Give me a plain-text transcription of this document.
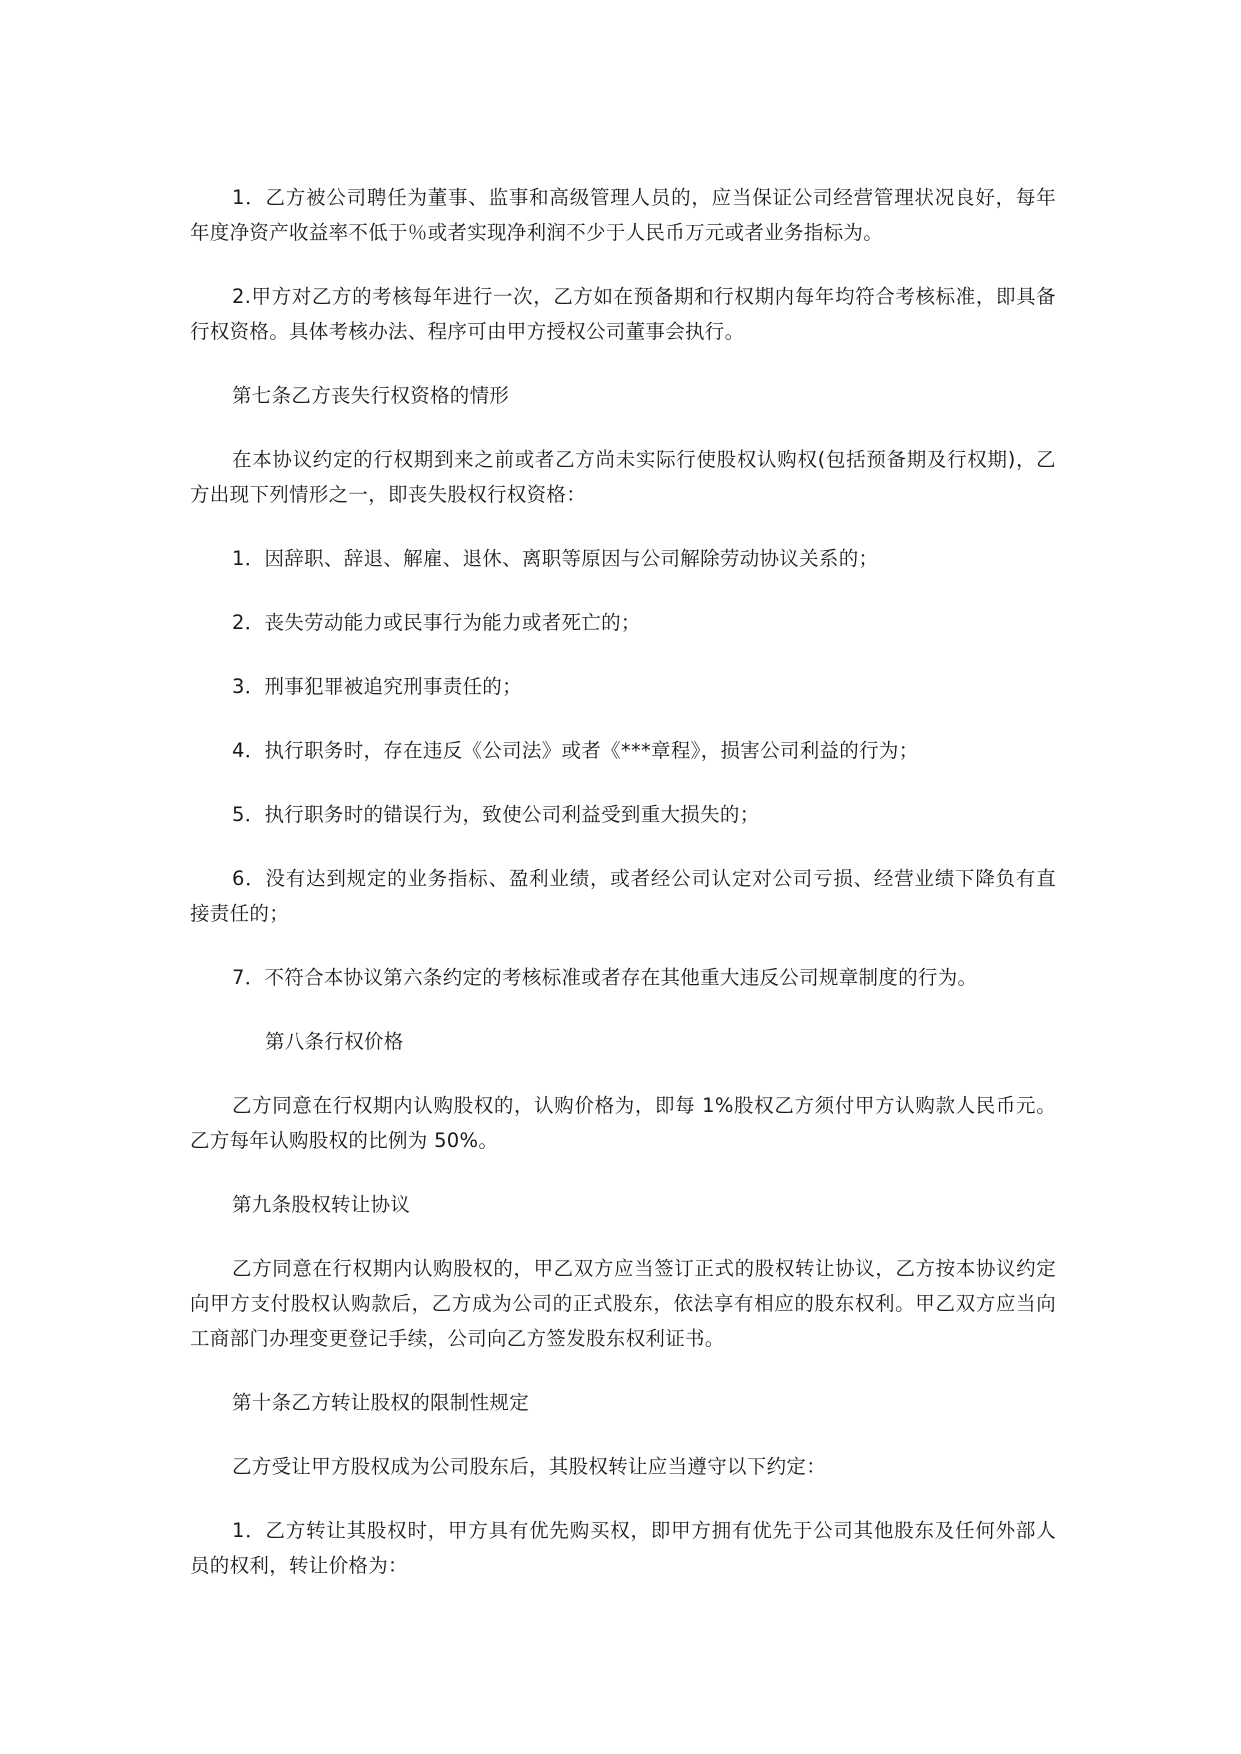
1．乙方被公司聘任为董事、监事和高级管理人员的，应当保证公司经营管理状况良好，每年年度净资产收益率不低于％或者实现净利润不少于人民币万元或者业务指标为。

2.甲方对乙方的考核每年进行一次，乙方如在预备期和行权期内每年均符合考核标准，即具备行权资格。具体考核办法、程序可由甲方授权公司董事会执行。

第七条乙方丧失行权资格的情形

在本协议约定的行权期到来之前或者乙方尚未实际行使股权认购权(包括预备期及行权期)，乙方出现下列情形之一，即丧失股权行权资格：

1．因辞职、辞退、解雇、退休、离职等原因与公司解除劳动协议关系的；

2．丧失劳动能力或民事行为能力或者死亡的；

3．刑事犯罪被追究刑事责任的；

4．执行职务时，存在违反《公司法》或者《***章程》，损害公司利益的行为；

5．执行职务时的错误行为，致使公司利益受到重大损失的；

6．没有达到规定的业务指标、盈利业绩，或者经公司认定对公司亏损、经营业绩下降负有直接责任的；

7．不符合本协议第六条约定的考核标准或者存在其他重大违反公司规章制度的行为。

第八条行权价格

乙方同意在行权期内认购股权的，认购价格为，即每 1%股权乙方须付甲方认购款人民币元。乙方每年认购股权的比例为 50%。

第九条股权转让协议

乙方同意在行权期内认购股权的，甲乙双方应当签订正式的股权转让协议，乙方按本协议约定向甲方支付股权认购款后，乙方成为公司的正式股东，依法享有相应的股东权利。甲乙双方应当向工商部门办理变更登记手续，公司向乙方签发股东权利证书。

第十条乙方转让股权的限制性规定

乙方受让甲方股权成为公司股东后，其股权转让应当遵守以下约定：

1．乙方转让其股权时，甲方具有优先购买权，即甲方拥有优先于公司其他股东及任何外部人员的权利，转让价格为：
